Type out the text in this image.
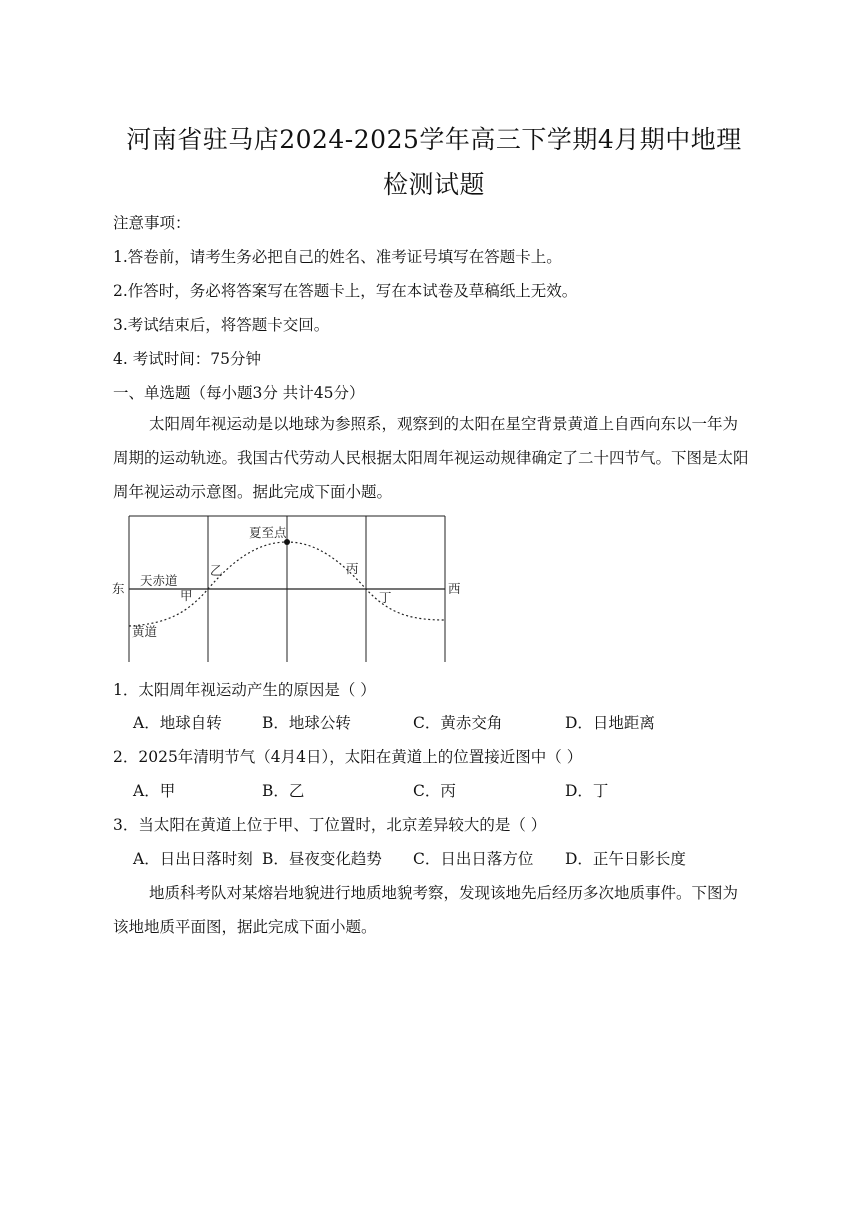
河南省驻马店2024-2025学年高三下学期4月期中地理
检测试题
注意事项：
1.答卷前，请考生务必把自己的姓名、准考证号填写在答题卡上。
2.作答时，务必将答案写在答题卡上，写在本试卷及草稿纸上无效。
3.考试结束后，将答题卡交回。
4. 考试时间：75分钟
一、单选题（每小题3分 共计45分）
太阳周年视运动是以地球为参照系，观察到的太阳在星空背景黄道上自西向东以一年为周期的运动轨迹。我国古代劳动人民根据太阳周年视运动规律确定了二十四节气。下图是太阳周年视运动示意图。据此完成下面小题。
东	西
天赤道
黄道
夏至点
甲
乙	丙
丁
1．太阳周年视运动产生的原因是（ ）
A．地球自转	B．地球公转	C．黄赤交角	D．日地距离
2．2025年清明节气（4月4日），太阳在黄道上的位置接近图中（ ）
A．甲	B．乙	C．丙	D．丁
3．当太阳在黄道上位于甲、丁位置时，北京差异较大的是（ ）
A．日出日落时刻 B．昼夜变化趋势 C．日出日落方位 D．正午日影长度
地质科考队对某熔岩地貌进行地质地貌考察，发现该地先后经历多次地质事件。下图为该地地质平面图，据此完成下面小题。
